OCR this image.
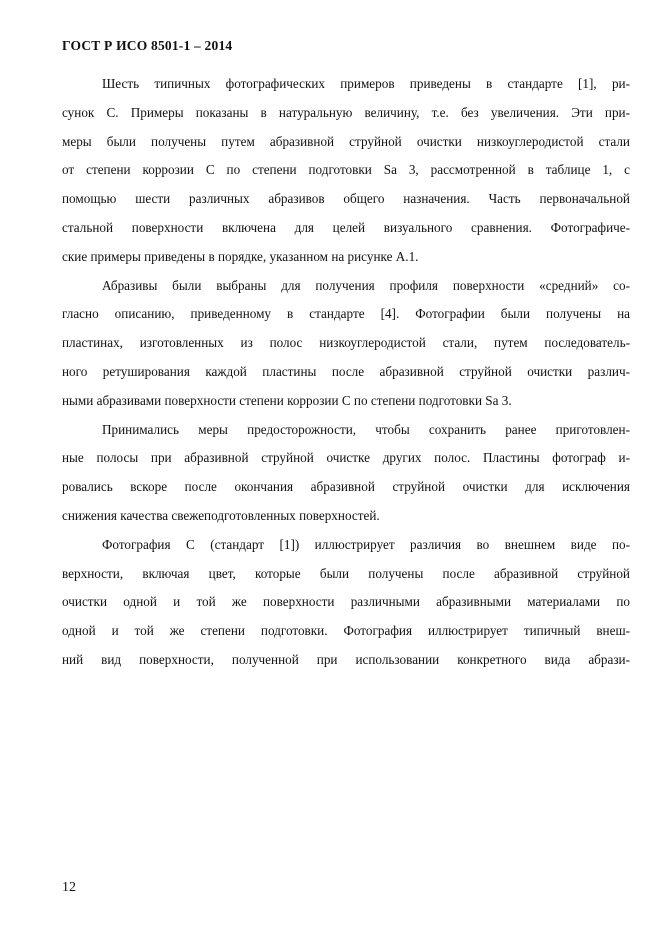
ГОСТ Р ИСО 8501-1 – 2014
Шесть типичных фотографических примеров приведены в стандарте [1], ри-
сунок С. Примеры показаны в натуральную величину, т.е. без увеличения. Эти при-
меры были получены путем абразивной струйной очистки низкоуглеродистой стали
от степени коррозии С по степени подготовки Sa 3, рассмотренной в таблице 1, с
помощью шести различных абразивов общего назначения. Часть первоначальной
стальной поверхности включена для целей визуального сравнения. Фотографиче-
ские примеры приведены в порядке, указанном на рисунке А.1.
Абразивы были выбраны для получения профиля поверхности «средний» со-
гласно описанию, приведенному в стандарте [4]. Фотографии были получены на
пластинах, изготовленных из полос низкоуглеродистой стали, путем последователь-
ного ретуширования каждой пластины после абразивной струйной очистки различ-
ными абразивами поверхности степени коррозии С по степени подготовки Sa 3.
Принимались меры предосторожности, чтобы сохранить ранее приготовлен-
ные полосы при абразивной струйной очистке других полос. Пластины фотограф и-
ровались вскоре после окончания абразивной струйной очистки для исключения
снижения качества свежеподготовленных поверхностей.
Фотография С (стандарт [1]) иллюстрирует различия во внешнем виде по-
верхности, включая цвет, которые были получены после абразивной струйной
очистки одной и той же поверхности различными абразивными материалами по
одной и той же степени подготовки. Фотография иллюстрирует типичный внеш-
ний вид поверхности, полученной при использовании конкретного вида абрази-
12
